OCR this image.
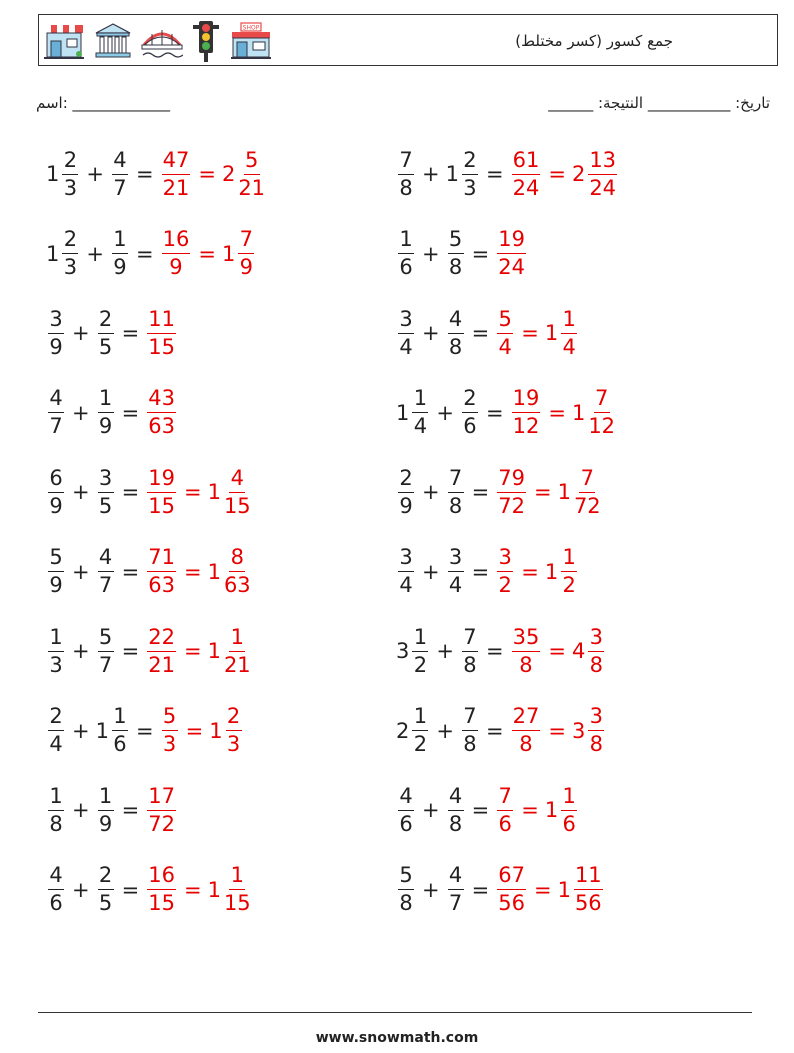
SHOP
جمع كسور (كسر مختلط)
اسم: _____________	______ :تاريخ: ___________ النتيجة
$1 \frac{2}{3} + \frac{4}{7} = \frac{47}{21} = 2 \frac{5}{21}$	$\frac{7}{8} + 1 \frac{2}{3} = \frac{61}{24} = 2 \frac{13}{24}$
$1 \frac{2}{3} + \frac{1}{9} = \frac{16}{9} = 1 \frac{7}{9}$	$\frac{1}{6} + \frac{5}{8} = \frac{19}{24}$
$\frac{3}{9} + \frac{2}{5} = \frac{11}{15}$	$\frac{3}{4} + \frac{4}{8} = \frac{5}{4} = 1 \frac{1}{4}$
$\frac{4}{7} + \frac{1}{9} = \frac{43}{63}$	$1 \frac{1}{4} + \frac{2}{6} = \frac{19}{12} = 1 \frac{7}{12}$
$\frac{6}{9} + \frac{3}{5} = \frac{19}{15} = 1 \frac{4}{15}$	$\frac{2}{9} + \frac{7}{8} = \frac{79}{72} = 1 \frac{7}{72}$
$\frac{5}{9} + \frac{4}{7} = \frac{71}{63} = 1 \frac{8}{63}$	$\frac{3}{4} + \frac{3}{4} = \frac{3}{2} = 1 \frac{1}{2}$
$\frac{1}{3} + \frac{5}{7} = \frac{22}{21} = 1 \frac{1}{21}$	$3 \frac{1}{2} + \frac{7}{8} = \frac{35}{8} = 4 \frac{3}{8}$
$\frac{2}{4} + 1 \frac{1}{6} = \frac{5}{3} = 1 \frac{2}{3}$	$2 \frac{1}{2} + \frac{7}{8} = \frac{27}{8} = 3 \frac{3}{8}$
$\frac{1}{8} + \frac{1}{9} = \frac{17}{72}$	$\frac{4}{6} + \frac{4}{8} = \frac{7}{6} = 1 \frac{1}{6}$
$\frac{4}{6} + \frac{2}{5} = \frac{16}{15} = 1 \frac{1}{15}$	$\frac{5}{8} + \frac{4}{7} = \frac{67}{56} = 1 \frac{11}{56}$
www.snowmath.com
